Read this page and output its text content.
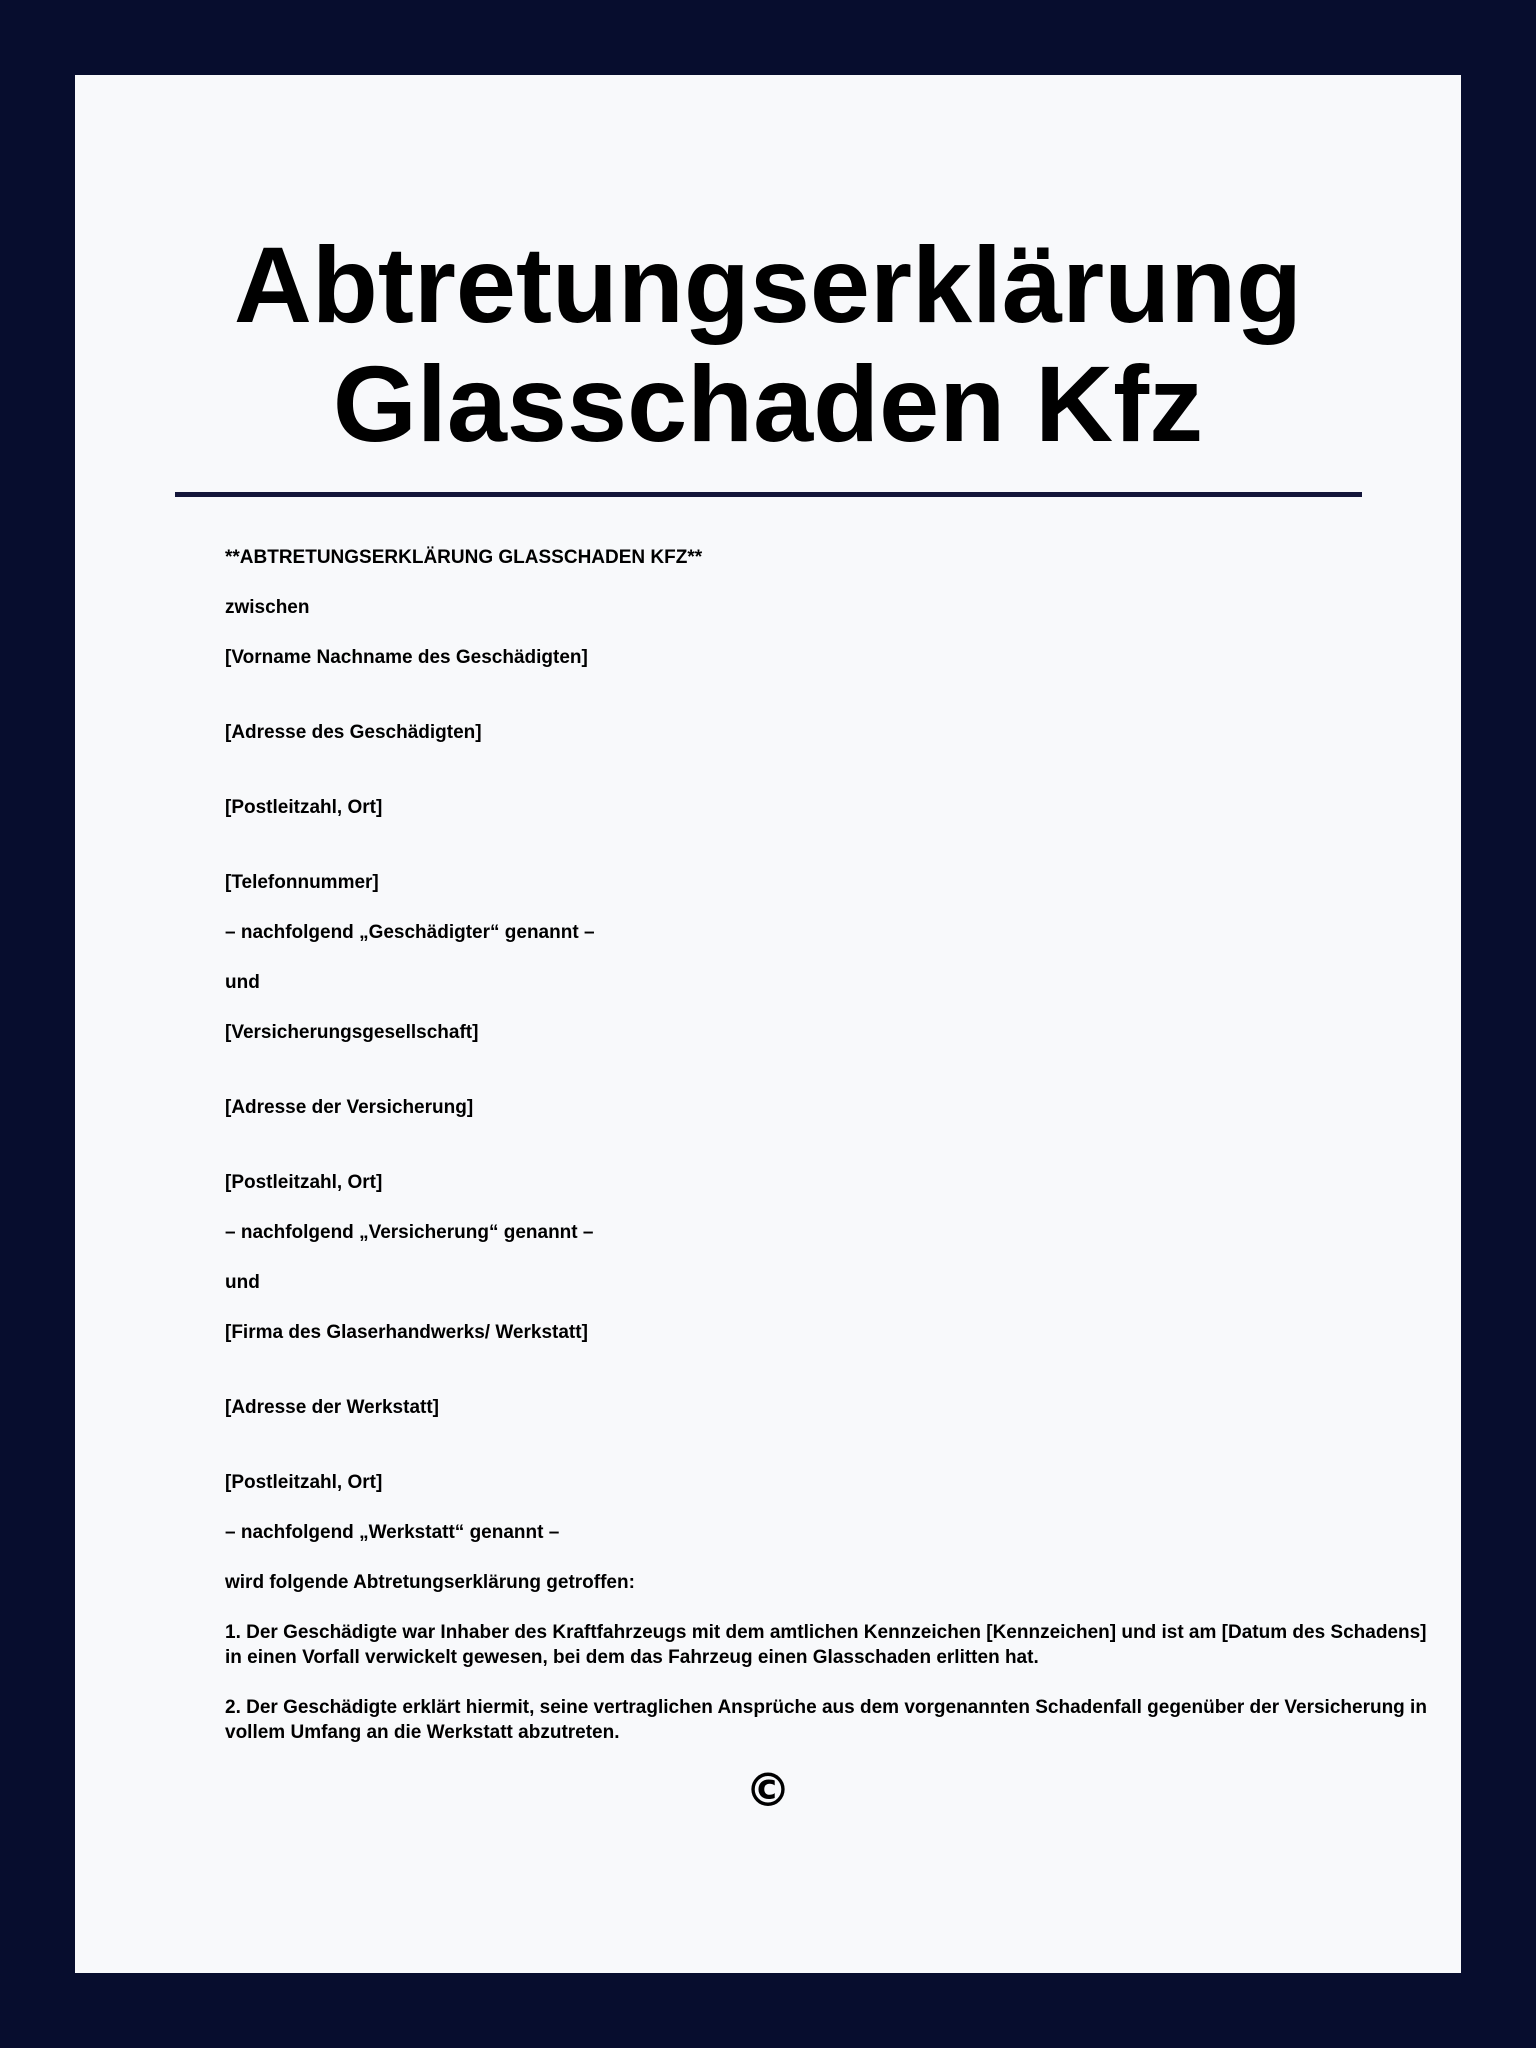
Abtretungserklärung
Glasschaden Kfz

**ABTRETUNGSERKLÄRUNG GLASSCHADEN KFZ**

zwischen

[Vorname Nachname des Geschädigten]

[Adresse des Geschädigten]

[Postleitzahl, Ort]

[Telefonnummer]

– nachfolgend „Geschädigter“ genannt –

und

[Versicherungsgesellschaft]

[Adresse der Versicherung]

[Postleitzahl, Ort]

– nachfolgend „Versicherung“ genannt –

und

[Firma des Glaserhandwerks/ Werkstatt]

[Adresse der Werkstatt]

[Postleitzahl, Ort]

– nachfolgend „Werkstatt“ genannt –

wird folgende Abtretungserklärung getroffen:

1. Der Geschädigte war Inhaber des Kraftfahrzeugs mit dem amtlichen Kennzeichen [Kennzeichen] und ist am [Datum des Schadens] in einen Vorfall verwickelt gewesen, bei dem das Fahrzeug einen Glasschaden erlitten hat.

2. Der Geschädigte erklärt hiermit, seine vertraglichen Ansprüche aus dem vorgenannten Schadenfall gegenüber der Versicherung in vollem Umfang an die Werkstatt abzutreten.

©
